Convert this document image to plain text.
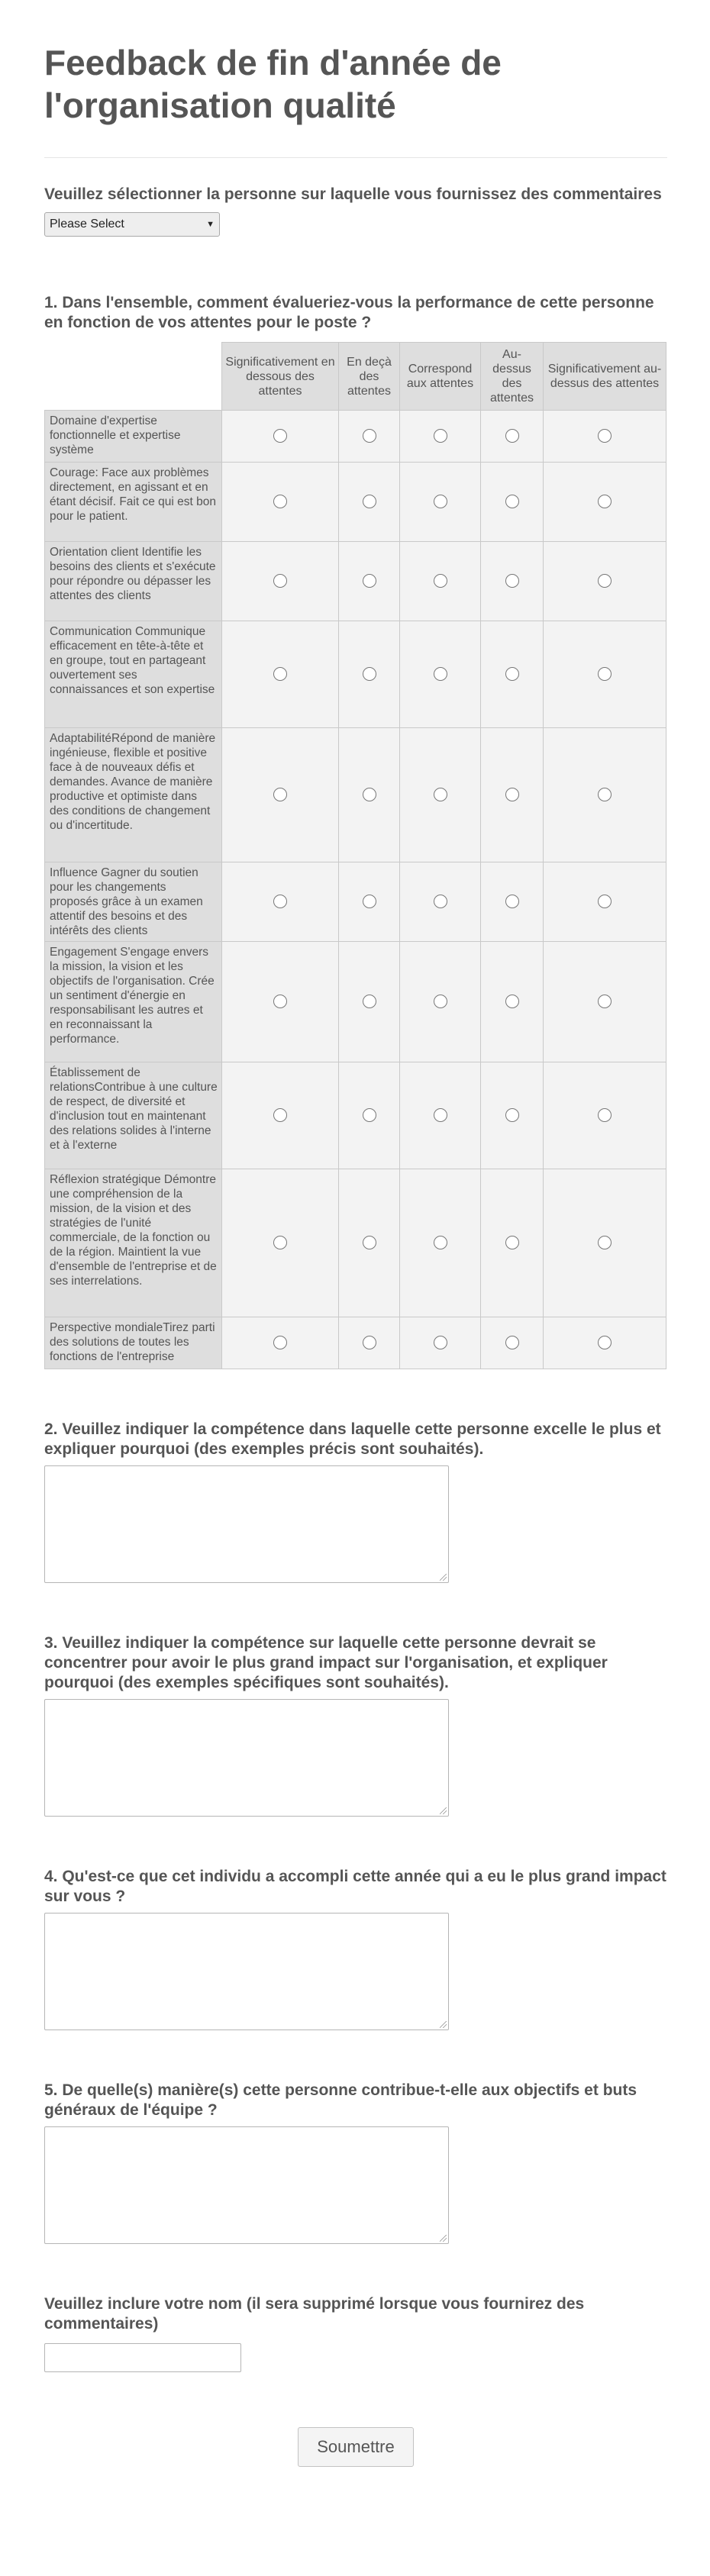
Feedback de fin d'année de l'organisation qualité
Veuillez sélectionner la personne sur laquelle vous fournissez des commentaires
Please Select	▼
1. Dans l'ensemble, comment évalueriez-vous la performance de cette personne en fonction de vos attentes pour le poste ?
	Significativement en dessous des attentes	En deçà des attentes	Correspond aux attentes	Au-dessus des attentes	Significativement au-dessus des attentes
Domaine d'expertise fonctionnelle et expertise système					
Courage: Face aux problèmes directement, en agissant et en étant décisif. Fait ce qui est bon pour le patient.					
Orientation client Identifie les besoins des clients et s'exécute pour répondre ou dépasser les attentes des clients					
Communication Communique efficacement en tête-à-tête et en groupe, tout en partageant ouvertement ses connaissances et son expertise					
AdaptabilitéRépond de manière ingénieuse, flexible et positive face à de nouveaux défis et demandes. Avance de manière productive et optimiste dans des conditions de changement ou d'incertitude.					
Influence Gagner du soutien pour les changements proposés grâce à un examen attentif des besoins et des intérêts des clients					
Engagement S'engage envers la mission, la vision et les objectifs de l'organisation. Crée un sentiment d'énergie en responsabilisant les autres et en reconnaissant la performance.					
Établissement de relationsContribue à une culture de respect, de diversité et d'inclusion tout en maintenant des relations solides à l'interne et à l'externe					
Réflexion stratégique Démontre une compréhension de la mission, de la vision et des stratégies de l'unité commerciale, de la fonction ou de la région. Maintient la vue d'ensemble de l'entreprise et de ses interrelations.					
Perspective mondialeTirez parti des solutions de toutes les fonctions de l'entreprise					
2. Veuillez indiquer la compétence dans laquelle cette personne excelle le plus et expliquer pourquoi (des exemples précis sont souhaités).
3. Veuillez indiquer la compétence sur laquelle cette personne devrait se concentrer pour avoir le plus grand impact sur l'organisation, et expliquer pourquoi (des exemples spécifiques sont souhaités).
4. Qu'est-ce que cet individu a accompli cette année qui a eu le plus grand impact sur vous ?
5. De quelle(s) manière(s) cette personne contribue-t-elle aux objectifs et buts généraux de l'équipe ?
Veuillez inclure votre nom (il sera supprimé lorsque vous fournirez des commentaires)
Soumettre
